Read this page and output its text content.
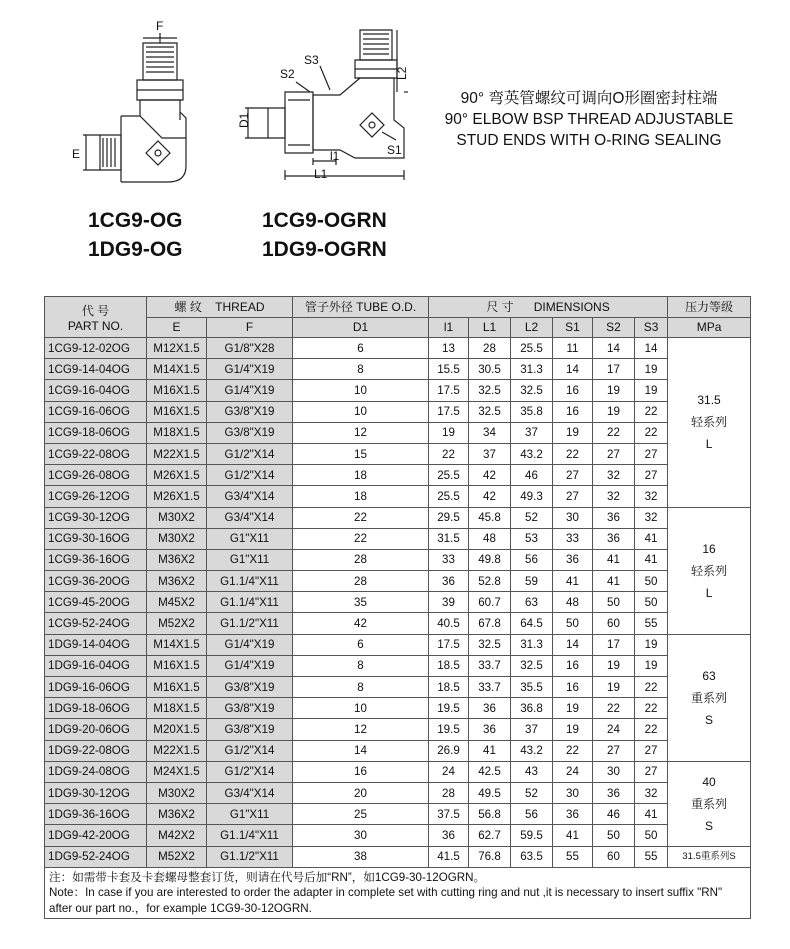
F
E
S3
S2	L2
D1
S1
l1
L1
1CG9-OG
1DG9-OG
1CG9-OGRN
1DG9-OGRN
90° 弯英管螺纹可调向O形圈密封柱端
90° ELBOW BSP THREAD ADJUSTABLE
STUD ENDS WITH O-RING SEALING
代 号
PART NO.	螺 纹 THREAD		管子外径 TUBE O.D.	尺 寸 DIMENSIONS						压力等级
	E	F	D1	l1	L1	L2	S1	S2	S3	MPa
1CG9-12-02OG	M12X1.5	G1/8"X28	6	13	28	25.5	11	14	14	31.5
轻系列
L

1CG9-14-04OG	M14X1.5	G1/4"X19	8	15.5	30.5	31.3	14	17	19	
1CG9-16-04OG	M16X1.5	G1/4"X19	10	17.5	32.5	32.5	16	19	19	
1CG9-16-06OG	M16X1.5	G3/8"X19	10	17.5	32.5	35.8	16	19	22	
1CG9-18-06OG	M18X1.5	G3/8"X19	12	19	34	37	19	22	22	
1CG9-22-08OG	M22X1.5	G1/2"X14	15	22	37	43.2	22	27	27	
1CG9-26-08OG	M26X1.5	G1/2"X14	18	25.5	42	46	27	32	27	
1CG9-26-12OG	M26X1.5	G3/4"X14	18	25.5	42	49.3	27	32	32	
1CG9-30-12OG	M30X2	G3/4"X14	22	29.5	45.8	52	30	36	32	16
轻系列
L

1CG9-30-16OG	M30X2	G1"X11	22	31.5	48	53	33	36	41	
1CG9-36-16OG	M36X2	G1"X11	28	33	49.8	56	36	41	41	
1CG9-36-20OG	M36X2	G1.1/4"X11	28	36	52.8	59	41	41	50	
1CG9-45-20OG	M45X2	G1.1/4"X11	35	39	60.7	63	48	50	50	
1CG9-52-24OG	M52X2	G1.1/2"X11	42	40.5	67.8	64.5	50	60	55	
1DG9-14-04OG	M14X1.5	G1/4"X19	6	17.5	32.5	31.3	14	17	19	63
重系列
S

1DG9-16-04OG	M16X1.5	G1/4"X19	8	18.5	33.7	32.5	16	19	19	
1DG9-16-06OG	M16X1.5	G3/8"X19	8	18.5	33.7	35.5	16	19	22	
1DG9-18-06OG	M18X1.5	G3/8"X19	10	19.5	36	36.8	19	22	22	
1DG9-20-06OG	M20X1.5	G3/8"X19	12	19.5	36	37	19	24	22	
1DG9-22-08OG	M22X1.5	G1/2"X14	14	26.9	41	43.2	22	27	27	
1DG9-24-08OG	M24X1.5	G1/2"X14	16	24	42.5	43	24	30	27	40
重系列
S

1DG9-30-12OG	M30X2	G3/4"X14	20	28	49.5	52	30	36	32	
1DG9-36-16OG	M36X2	G1"X11	25	37.5	56.8	56	36	46	41	
1DG9-42-20OG	M42X2	G1.1/4"X11	30	36	62.7	59.5	41	50	50	
1DG9-52-24OG	M52X2	G1.1/2"X11	38	41.5	76.8	63.5	55	60	55	31.5重系列S

注：如需带卡套及卡套螺母整套订货，则请在代号后加“RN”，如1CG9-30-12OGRN。
Note：In case if you are interested to order the adapter in complete set with cutting ring and nut ,it is necessary to insert suffix "RN" after our part no.，for example 1CG9-30-12OGRN.										
